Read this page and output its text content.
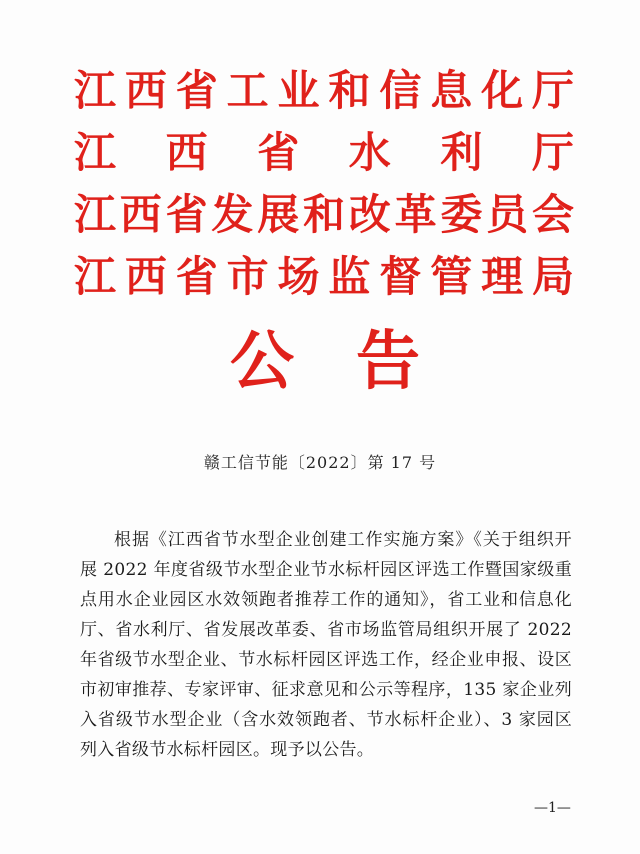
江西省工业和信息化厅
江西省水利厅
江西省发展和改革委员会
江西省市场监督管理局
公告
赣工信节能〔2022〕第 17 号

根据《江西省节水型企业创建工作实施方案》《关于组织开展 2022 年度省级节水型企业节水标杆园区评选工作暨国家级重点用水企业园区水效领跑者推荐工作的通知》，省工业和信息化厅、省水利厅、省发展改革委、省市场监管局组织开展了 2022 年省级节水型企业、节水标杆园区评选工作，经企业申报、设区市初审推荐、专家评审、征求意见和公示等程序，135 家企业列入省级节水型企业（含水效领跑者、节水标杆企业）、3 家园区列入省级节水标杆园区。现予以公告。

—1—
